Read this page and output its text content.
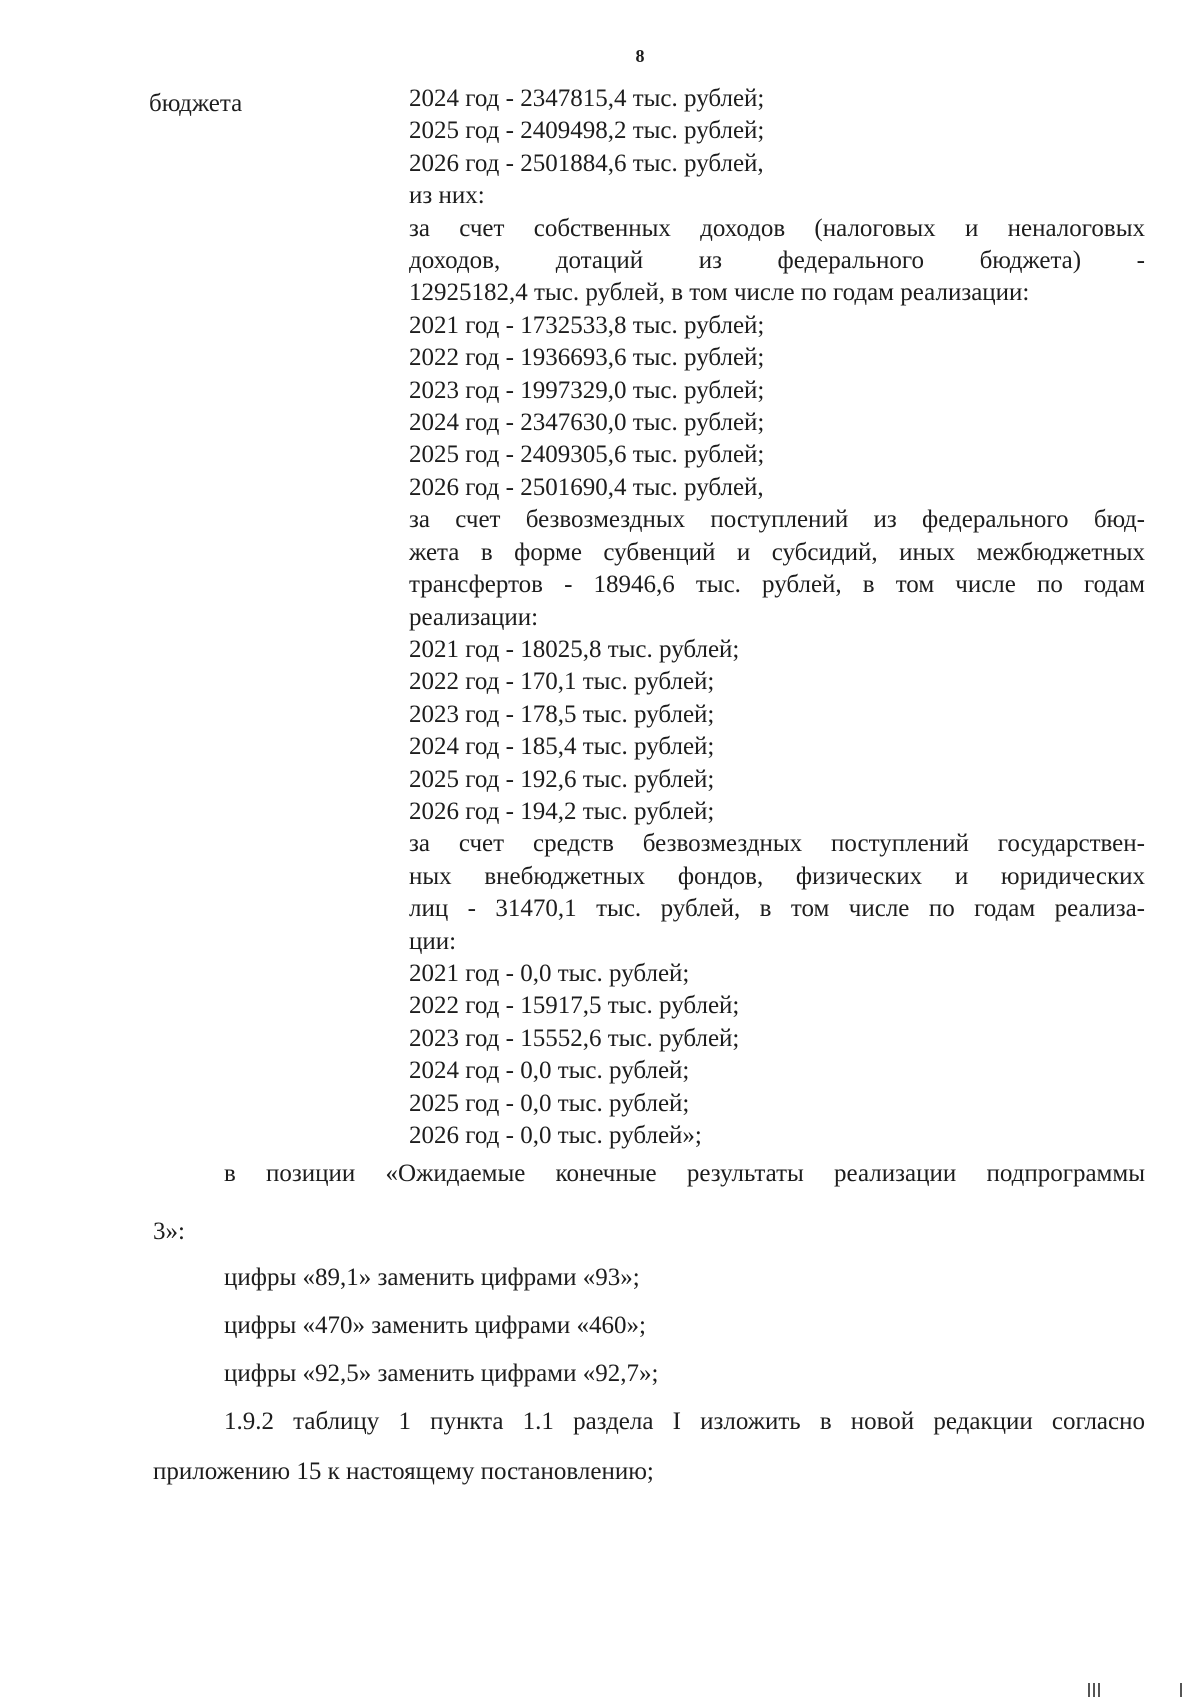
8
бюджета	2024 год - 2347815,4 тыс. рублей;
2025 год - 2409498,2 тыс. рублей;
2026 год - 2501884,6 тыс. рублей,
из них:
за счет собственных доходов (налоговых и неналоговых
доходов, дотаций из федерального бюджета) -
12925182,4 тыс. рублей, в том числе по годам реализации:
2021 год - 1732533,8 тыс. рублей;
2022 год - 1936693,6 тыс. рублей;
2023 год - 1997329,0 тыс. рублей;
2024 год - 2347630,0 тыс. рублей;
2025 год - 2409305,6 тыс. рублей;
2026 год - 2501690,4 тыс. рублей,
за счет безвозмездных поступлений из федерального бюд-
жета в форме субвенций и субсидий, иных межбюджетных
трансфертов - 18946,6 тыс. рублей, в том числе по годам
реализации:
2021 год - 18025,8 тыс. рублей;
2022 год - 170,1 тыс. рублей;
2023 год - 178,5 тыс. рублей;
2024 год - 185,4 тыс. рублей;
2025 год - 192,6 тыс. рублей;
2026 год - 194,2 тыс. рублей;
за счет средств безвозмездных поступлений государствен-
ных внебюджетных фондов, физических и юридических
лиц - 31470,1 тыс. рублей, в том числе по годам реализа-
ции:
2021 год - 0,0 тыс. рублей;
2022 год - 15917,5 тыс. рублей;
2023 год - 15552,6 тыс. рублей;
2024 год - 0,0 тыс. рублей;
2025 год - 0,0 тыс. рублей;
2026 год - 0,0 тыс. рублей»;
в позиции «Ожидаемые конечные результаты реализации подпрограммы
3»:
цифры «89,1» заменить цифрами «93»;
цифры «470» заменить цифрами «460»;
цифры «92,5» заменить цифрами «92,7»;
1.9.2 таблицу 1 пункта 1.1 раздела I изложить в новой редакции согласно
приложению 15 к настоящему постановлению;
